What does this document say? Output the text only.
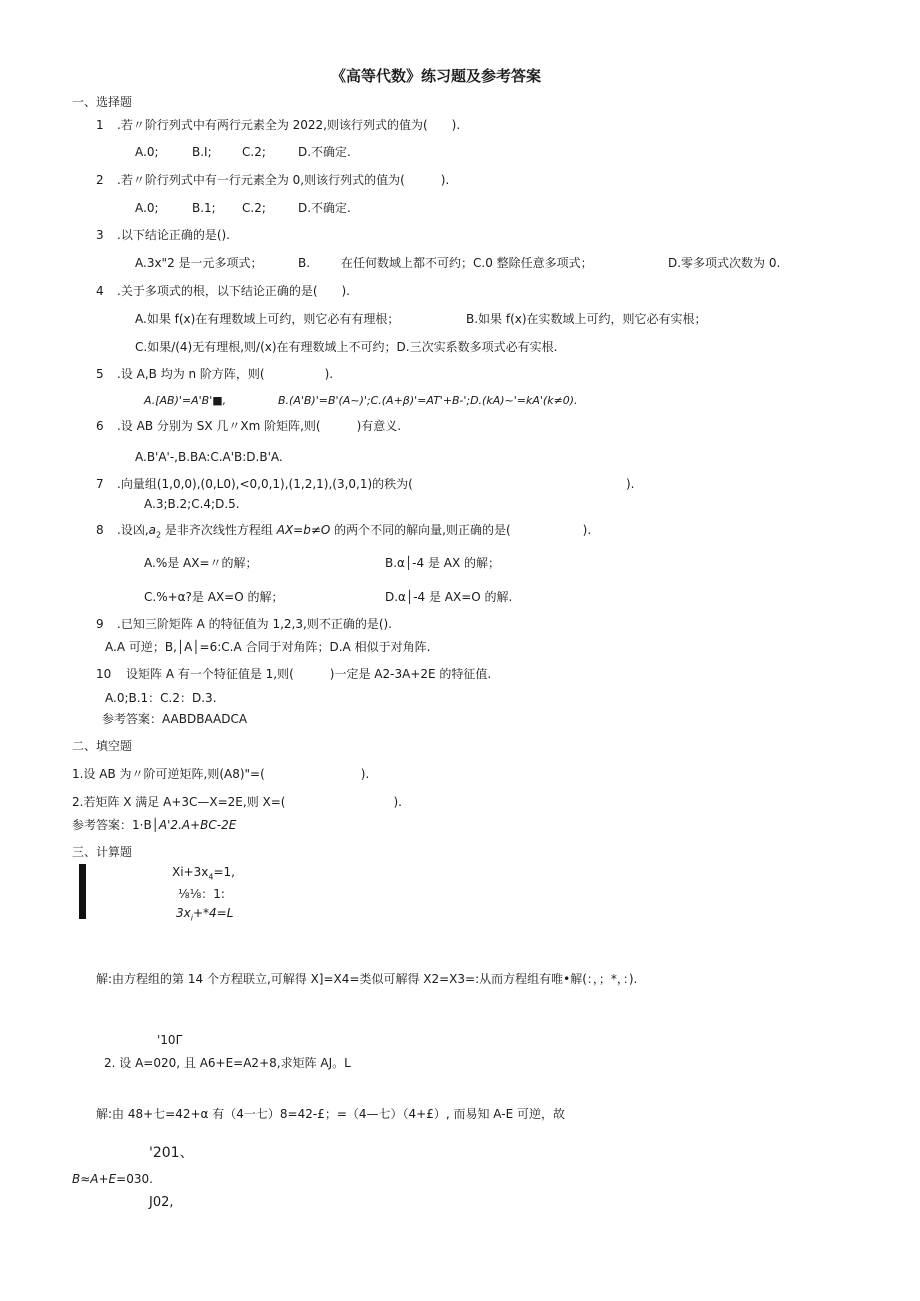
《高等代数》练习题及参考答案
一、选择题
1 .若〃阶行列式中有两行元素全为 2022,则该行列式的值为(　　).
A.0;	B.I;	C.2;	D.不确定.
2 .若〃阶行列式中有一行元素全为 0,则该行列式的值为(　　　).
A.0;	B.1; C.2;	D.不确定.
3 .以下结论正确的是().
A.3x"2 是一元多项式；	B.	在任何数域上都不可约；C.0 整除任意多项式；	D.零多项式次数为 0.
4 .关于多项式的根，以下结论正确的是(　　).
A.如果 f(x)在有理数域上可约，则它必有有理根；	B.如果 f(x)在实数域上可约，则它必有实根；
C.如果/(4)无有理根,则/(x)在有理数域上不可约；D.三次实系数多项式必有实根.
5 .设 A,B 均为 n 阶方阵，则(　　　　　).
A.[AB)'=A'B'■,	B.(A'B)'=B'(A~)';C.(A+β)'=AT'+B-';D.(kA)~'=kA'(k≠0).
6 .设 AB 分别为 SX 几〃Xm 阶矩阵,则(　　　)有意义.
A.B'A'-,B.BA:C.A'B:D.B'A.
7 .向量组(1,0,0),(0,L0),<0,0,1),(1,2,1),(3,0,1)的秩为(	).
A.3;B.2;C.4;D.5.
8 .设凶$,a_2$ 是非齐次线性方程组 AX=b≠O 的两个不同的解向量,则正确的是(　　　　　　).
A.%是 AX=〃的解；	B.α│-4 是 AX 的解；
C.%+α?是 AX=O 的解；	D.α│-4 是 AX=O 的解.
9 .已知三阶矩阵 A 的特征值为 1,2,3,则不正确的是().
A.A 可逆；B,│A│=6:C.A 合同于对角阵；D.A 相似于对角阵.
10 设矩阵 A 有一个特征值是 1,则(　　　)一定是 A2-3A+2E 的特征值.
A.0;B.1：C.2：D.3.
参考答案：AABDBAADCA
二、填空题
1.设 AB 为〃阶可逆矩阵,则(A8)"=(　　　　　　　　).
2.若矩阵 X 满足 A+3C—X=2E,则 X=(　　　　　　　　　).
参考答案：1·B│A'2.A+BC-2E
三、计算题
$Xi+3x_4=1$,
⅛⅛：1:
$3x_i+*4=L$
解:由方程组的第 14 个方程联立,可解得 X]=X4=类似可解得 X2=X3=:从而方程组有唯•解(：，；*，：).
'10Γ
2. 设 A=020, 且 A6+E=A2+8,求矩阵 AJ。L
解:由 48+七=42+α 有（4一七）8=42-£；=（4—七）（4+£）, 而易知 A-E 可逆，故
'201、
B≈A+E=030.
J02,
